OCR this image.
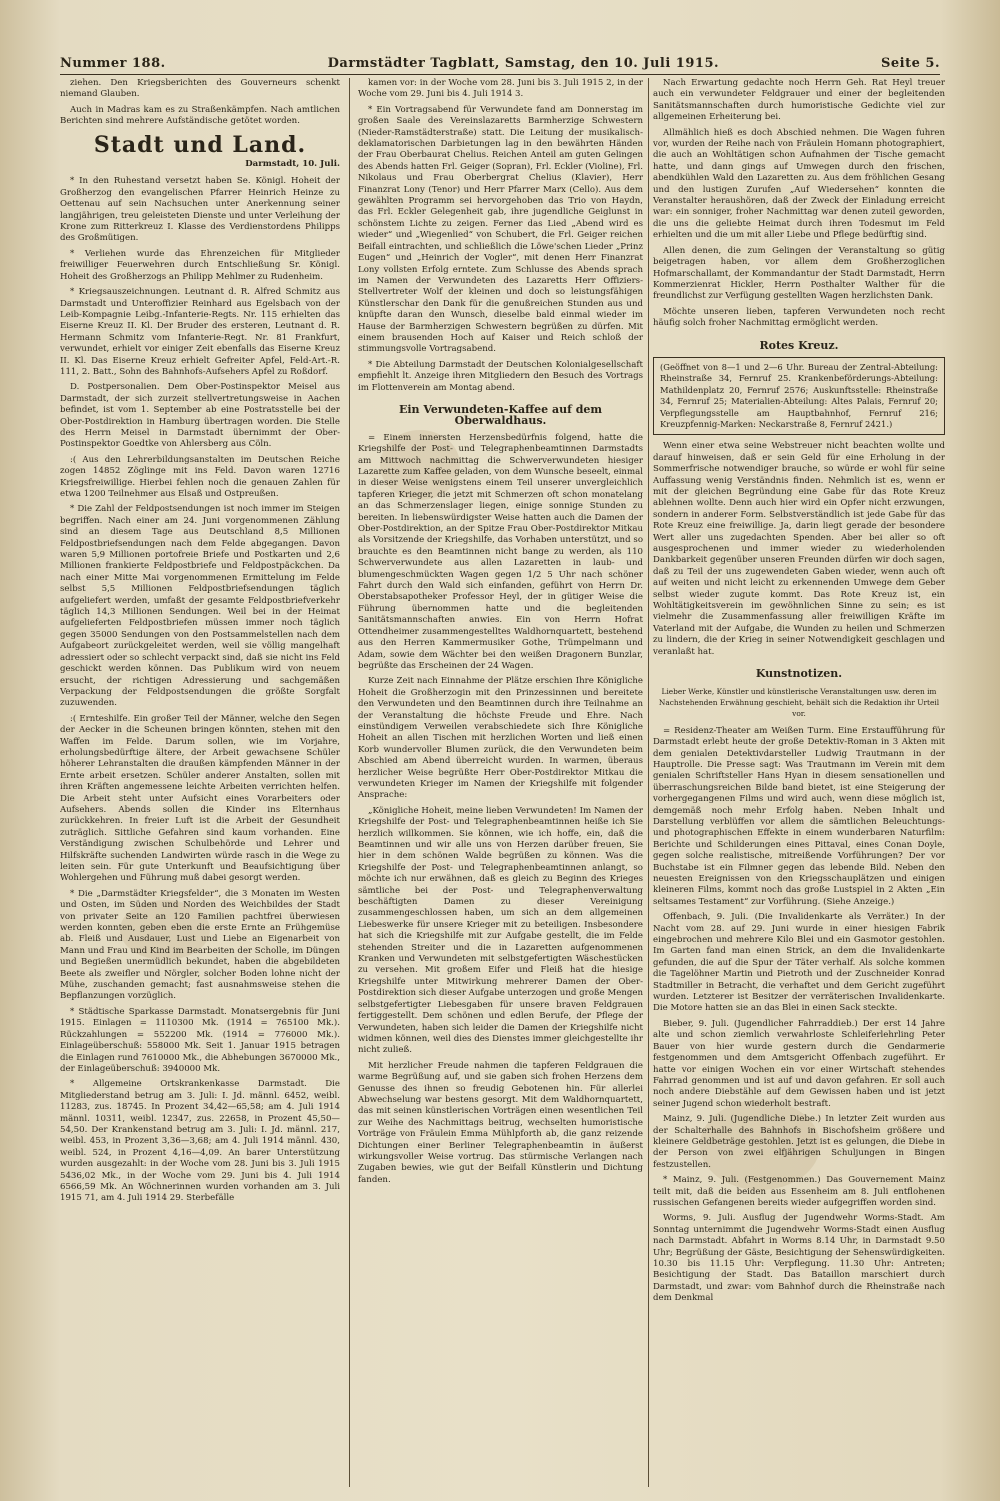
Nummer 188.	Darmstädter Tagblatt, Samstag, den 10. Juli 1915.	Seite 5.

ziehen. Den Kriegsberichten des Gouverneurs schenkt niemand Glauben.

Auch in Madras kam es zu Straßenkämpfen. Nach amtlichen Berichten sind mehrere Aufständische getötet worden.

Stadt und Land.
Darmstadt, 10. Juli.

* In den Ruhestand versetzt haben Se. Königl. Hoheit der Großherzog den evangelischen Pfarrer Heinrich Heinze zu Oettenau auf sein Nachsuchen unter Anerkennung seiner langjährigen, treu geleisteten Dienste und unter Verleihung der Krone zum Ritterkreuz I. Klasse des Verdienstordens Philipps des Großmütigen.

* Verliehen wurde das Ehrenzeichen für Mitglieder freiwilliger Feuerwehren durch Entschließung Sr. Königl. Hoheit des Großherzogs an Philipp Mehlmer zu Rudenheim.

* Kriegsauszeichnungen. Leutnant d. R. Alfred Schmitz aus Darmstadt und Unteroffizier Reinhard aus Egelsbach von der Leib-Kompagnie Leibg.-Infanterie-Regts. Nr. 115 erhielten das Eiserne Kreuz II. Kl. Der Bruder des ersteren, Leutnant d. R. Hermann Schmitz vom Infanterie-Regt. Nr. 81 Frankfurt, verwundet, erhielt vor einiger Zeit ebenfalls das Eiserne Kreuz II. Kl. Das Eiserne Kreuz erhielt Gefreiter Apfel, Feld-Art.-R. 111, 2. Batt., Sohn des Bahnhofs-Aufsehers Apfel zu Roßdorf.

D. Postpersonalien. Dem Ober-Postinspektor Meisel aus Darmstadt, der sich zurzeit stellvertretungsweise in Aachen befindet, ist vom 1. September ab eine Postratsstelle bei der Ober-Postdirektion in Hamburg übertragen worden. Die Stelle des Herrn Meisel in Darmstadt übernimmt der Ober-Postinspektor Goedtke von Ahlersberg aus Cöln.

:( Aus den Lehrerbildungsanstalten im Deutschen Reiche zogen 14852 Zöglinge mit ins Feld. Davon waren 12716 Kriegsfreiwillige. Hierbei fehlen noch die genauen Zahlen für etwa 1200 Teilnehmer aus Elsaß und Ostpreußen.

* Die Zahl der Feldpostsendungen ist noch immer im Steigen begriffen. Nach einer am 24. Juni vorgenommenen Zählung sind an diesem Tage aus Deutschland 8,5 Millionen Feldpostbriefsendungen nach dem Felde abgegangen. Davon waren 5,9 Millionen portofreie Briefe und Postkarten und 2,6 Millionen frankierte Feldpostbriefe und Feldpostpäckchen. Da nach einer Mitte Mai vorgenommenen Ermittelung im Felde selbst 5,5 Millionen Feldpostbriefsendungen täglich aufgeliefert werden, umfaßt der gesamte Feldpostbriefverkehr täglich 14,3 Millionen Sendungen. Weil bei in der Heimat aufgelieferten Feldpostbriefen müssen immer noch täglich gegen 35000 Sendungen von den Postsammelstellen nach dem Aufgabeort zurückgeleitet werden, weil sie völlig mangelhaft adressiert oder so schlecht verpackt sind, daß sie nicht ins Feld geschickt werden können. Das Publikum wird von neuem ersucht, der richtigen Adressierung und sachgemäßen Verpackung der Feldpostsendungen die größte Sorgfalt zuzuwenden.

:( Ernteshilfe. Ein großer Teil der Männer, welche den Segen der Aecker in die Scheunen bringen könnten, stehen mit den Waffen im Felde. Darum sollen, wie im Vorjahre, erholungsbedürftige ältere, der Arbeit gewachsene Schüler höherer Lehranstalten die draußen kämpfenden Männer in der Ernte arbeit ersetzen. Schüler anderer Anstalten, sollen mit ihren Kräften angemessene leichte Arbeiten verrichten helfen. Die Arbeit steht unter Aufsicht eines Vorarbeiters oder Aufsehers. Abends sollen die Kinder ins Elternhaus zurückkehren. In freier Luft ist die Arbeit der Gesundheit zuträglich. Sittliche Gefahren sind kaum vorhanden. Eine Verständigung zwischen Schulbehörde und Lehrer und Hilfskräfte suchenden Landwirten würde rasch in die Wege zu leiten sein. Für gute Unterkunft und Beaufsichtigung über Wohlergehen und Führung muß dabei gesorgt werden.

* Die „Darmstädter Kriegsfelder“, die 3 Monaten im Westen und Osten, im Süden und Norden des Weichbildes der Stadt von privater Seite an 120 Familien pachtfrei überwiesen werden konnten, geben eben die erste Ernte an Frühgemüse ab. Fleiß und Ausdauer, Lust und Liebe an Eigenarbeit von Mann und Frau und Kind im Bearbeiten der Scholle, im Düngen und Begießen unermüdlich bekundet, haben die abgebildeten Beete als zweifler und Nörgler, solcher Boden lohne nicht der Mühe, zuschanden gemacht; fast ausnahmsweise stehen die Bepflanzungen vorzüglich.

* Städtische Sparkasse Darmstadt. Monatsergebnis für Juni 1915. Einlagen = 1110300 Mk. (1914 = 765100 Mk.). Rückzahlungen = 552200 Mk. (1914 = 776000 Mk.). Einlageüberschuß: 558000 Mk. Seit 1. Januar 1915 betragen die Einlagen rund 7610000 Mk., die Abhebungen 3670000 Mk., der Einlageüberschuß: 3940000 Mk.

* Allgemeine Ortskrankenkasse Darmstadt. Die Mitgliederstand betrug am 3. Juli: I. Jd. männl. 6452, weibl. 11283, zus. 18745. In Prozent 34,42—65,58; am 4. Juli 1914 männl. 10311, weibl. 12347, zus. 22658, in Prozent 45,50—54,50. Der Krankenstand betrug am 3. Juli: I. Jd. männl. 217, weibl. 453, in Prozent 3,36—3,68; am 4. Juli 1914 männl. 430, weibl. 524, in Prozent 4,16—4,09. An barer Unterstützung wurden ausgezahlt: in der Woche vom 28. Juni bis 3. Juli 1915 5436,02 Mk., in der Woche vom 29. Juni bis 4. Juli 1914 6566,59 Mk. An Wöchnerinnen wurden vorhanden am 3. Juli 1915 71, am 4. Juli 1914 29. Sterbefälle

kamen vor: in der Woche vom 28. Juni bis 3. Juli 1915 2, in der Woche vom 29. Juni bis 4. Juli 1914 3.

* Ein Vortragsabend für Verwundete fand am Donnerstag im großen Saale des Vereinslazaretts Barmherzige Schwestern (Nieder-Ramstädterstraße) statt. Die Leitung der musikalisch-deklamatorischen Darbietungen lag in den bewährten Händen der Frau Oberbaurat Chelius. Reichen Anteil am guten Gelingen des Abends hatten Frl. Geiger (Sopran), Frl. Eckler (Violine), Frl. Nikolaus und Frau Oberbergrat Chelius (Klavier), Herr Finanzrat Lony (Tenor) und Herr Pfarrer Marx (Cello). Aus dem gewählten Programm sei hervorgehoben das Trio von Haydn, das Frl. Eckler Gelegenheit gab, ihre jugendliche Geiglunst in schönstem Lichte zu zeigen. Ferner das Lied „Abend wird es wieder“ und „Wiegenlied“ von Schubert, die Frl. Geiger reichen Beifall eintrachten, und schließlich die Löwe'schen Lieder „Prinz Eugen“ und „Heinrich der Vogler“, mit denen Herr Finanzrat Lony vollsten Erfolg erntete. Zum Schlusse des Abends sprach im Namen der Verwundeten des Lazaretts Herr Offiziers-Stellvertreter Wolf der kleinen und doch so leistungsfähigen Künstlerschar den Dank für die genußreichen Stunden aus und knüpfte daran den Wunsch, dieselbe bald einmal wieder im Hause der Barmherzigen Schwestern begrüßen zu dürfen. Mit einem brausenden Hoch auf Kaiser und Reich schloß der stimmungsvolle Vortragsabend.

* Die Abteilung Darmstadt der Deutschen Kolonialgesellschaft empfiehlt lt. Anzeige ihren Mitgliedern den Besuch des Vortrags im Flottenverein am Montag abend.

Ein Verwundeten-Kaffee auf dem Oberwaldhaus.

= Einem innersten Herzensbedürfnis folgend, hatte die Kriegshilfe der Post- und Telegraphenbeamtinnen Darmstadts am Mittwoch nachmittag die Schwerverwundeten hiesiger Lazarette zum Kaffee geladen, von dem Wunsche beseelt, einmal in dieser Weise wenigstens einem Teil unserer unvergleichlich tapferen Krieger, die jetzt mit Schmerzen oft schon monatelang an das Schmerzenslager liegen, einige sonnige Stunden zu bereiten. In liebenswürdigster Weise hatten auch die Damen der Ober-Postdirektion, an der Spitze Frau Ober-Postdirektor Mitkau als Vorsitzende der Kriegshilfe, das Vorhaben unterstützt, und so brauchte es den Beamtinnen nicht bange zu werden, als 110 Schwerverwundete aus allen Lazaretten in laub- und blumengeschmückten Wagen gegen 1/2 5 Uhr nach schöner Fahrt durch den Wald sich einfanden, geführt von Herrn Dr. Oberstabsapotheker Professor Heyl, der in gütiger Weise die Führung übernommen hatte und die begleitenden Sanitätsmannschaften anwies. Ein von Herrn Hofrat Ottendheimer zusammengestelltes Waldhornquartett, bestehend aus den Herren Kammermusiker Gothe, Trümpelmann und Adam, sowie dem Wächter bei den weißen Dragonern Bunzlar, begrüßte das Erscheinen der 24 Wagen.

Kurze Zeit nach Einnahme der Plätze erschien Ihre Königliche Hoheit die Großherzogin mit den Prinzessinnen und bereitete den Verwundeten und den Beamtinnen durch ihre Teilnahme an der Veranstaltung die höchste Freude und Ehre. Nach einstündigem Verweilen verabschiedete sich Ihre Königliche Hoheit an allen Tischen mit herzlichen Worten und ließ einen Korb wundervoller Blumen zurück, die den Verwundeten beim Abschied am Abend überreicht wurden. In warmen, überaus herzlicher Weise begrüßte Herr Ober-Postdirektor Mitkau die verwundeten Krieger im Namen der Kriegshilfe mit folgender Ansprache:

„Königliche Hoheit, meine lieben Verwundeten! Im Namen der Kriegshilfe der Post- und Telegraphenbeamtinnen heiße ich Sie herzlich willkommen. Sie können, wie ich hoffe, ein, daß die Beamtinnen und wir alle uns von Herzen darüber freuen, Sie hier in dem schönen Walde begrüßen zu können. Was die Kriegshilfe der Post- und Telegraphenbeamtinnen anlangt, so möchte ich nur erwähnen, daß es gleich zu Beginn des Krieges sämtliche bei der Post- und Telegraphenverwaltung beschäftigten Damen zu dieser Vereinigung zusammengeschlossen haben, um sich an dem allgemeinen Liebeswerke für unsere Krieger mit zu beteiligen. Insbesondere hat sich die Kriegshilfe mit zur Aufgabe gestellt, die im Felde stehenden Streiter und die in Lazaretten aufgenommenen Kranken und Verwundeten mit selbstgefertigten Wäschestücken zu versehen. Mit großem Eifer und Fleiß hat die hiesige Kriegshilfe unter Mitwirkung mehrerer Damen der Ober-Postdirektion sich dieser Aufgabe unterzogen und große Mengen selbstgefertigter Liebesgaben für unsere braven Feldgrauen fertiggestellt. Dem schönen und edlen Berufe, der Pflege der Verwundeten, haben sich leider die Damen der Kriegshilfe nicht widmen können, weil dies des Dienstes immer gleichgestellte ihr nicht zuließ.

Mit herzlicher Freude nahmen die tapferen Feldgrauen die warme Begrüßung auf, und sie gaben sich frohen Herzens dem Genusse des ihnen so freudig Gebotenen hin. Für allerlei Abwechselung war bestens gesorgt. Mit dem Waldhornquartett, das mit seinen künstlerischen Vorträgen einen wesentlichen Teil zur Weihe des Nachmittags beitrug, wechselten humoristische Vorträge von Fräulein Emma Mühlpforth ab, die ganz reizende Dichtungen einer Berliner Telegraphenbeamtin in äußerst wirkungsvoller Weise vortrug. Das stürmische Verlangen nach Zugaben bewies, wie gut der Beifall Künstlerin und Dichtung fanden.

Nach Erwartung gedachte noch Herrn Geh. Rat Heyl treuer auch ein verwundeter Feldgrauer und einer der begleitenden Sanitätsmannschaften durch humoristische Gedichte viel zur allgemeinen Erheiterung bei.

Allmählich hieß es doch Abschied nehmen. Die Wagen fuhren vor, wurden der Reihe nach von Fräulein Homann photographiert, die auch an Wohltätigen schon Aufnahmen der Tische gemacht hatte, und dann gings auf Umwegen durch den frischen, abendkühlen Wald den Lazaretten zu. Aus dem fröhlichen Gesang und den lustigen Zurufen „Auf Wiedersehen“ konnten die Veranstalter heraushören, daß der Zweck der Einladung erreicht war: ein sonniger, froher Nachmittag war denen zuteil geworden, die uns die geliebte Heimat durch ihren Todesmut im Feld erhielten und die um mit aller Liebe und Pflege bedürftig sind.

Allen denen, die zum Gelingen der Veranstaltung so gütig beigetragen haben, vor allem dem Großherzoglichen Hofmarschallamt, der Kommandantur der Stadt Darmstadt, Herrn Kommerzienrat Hickler, Herrn Posthalter Walther für die freundlichst zur Verfügung gestellten Wagen herzlichsten Dank.

Möchte unseren lieben, tapferen Verwundeten noch recht häufig solch froher Nachmittag ermöglicht werden.

Rotes Kreuz.
(Geöffnet von 8—1 und 2—6 Uhr. Bureau der Zentral-Abteilung: Rheinstraße 34, Fernruf 25. Krankenbeförderungs-Abteilung: Mathildenplatz 20, Fernruf 2576; Auskunftsstelle: Rheinstraße 34, Fernruf 25; Materialien-Abteilung: Altes Palais, Fernruf 20; Verpflegungsstelle am Hauptbahnhof, Fernruf 216; Kreuzpfennig-Marken: Neckarstraße 8, Fernruf 2421.)

Wenn einer etwa seine Webstreuer nicht beachten wollte und darauf hinweisen, daß er sein Geld für eine Erholung in der Sommerfrische notwendiger brauche, so würde er wohl für seine Auffassung wenig Verständnis finden. Nehmlich ist es, wenn er mit der gleichen Begründung eine Gabe für das Rote Kreuz ablehnen wollte. Denn auch hier wird ein Opfer nicht erzwungen, sondern in anderer Form. Selbstverständlich ist jede Gabe für das Rote Kreuz eine freiwillige. Ja, darin liegt gerade der besondere Wert aller uns zugedachten Spenden. Aber bei aller so oft ausgesprochenen und immer wieder zu wiederholenden Dankbarkeit gegenüber unseren Freunden dürfen wir doch sagen, daß zu Teil der uns zugewendeten Gaben wieder, wenn auch oft auf weiten und nicht leicht zu erkennenden Umwege dem Geber selbst wieder zugute kommt. Das Rote Kreuz ist, ein Wohltätigkeitsverein im gewöhnlichen Sinne zu sein; es ist vielmehr die Zusammenfassung aller freiwilligen Kräfte im Vaterland mit der Aufgabe, die Wunden zu heilen und Schmerzen zu lindern, die der Krieg in seiner Notwendigkeit geschlagen und veranlaßt hat.

Kunstnotizen.
Lieber Werke, Künstler und künstlerische Veranstaltungen usw. deren im Nachstehenden Erwähnung geschieht, behält sich die Redaktion ihr Urteil vor.

= Residenz-Theater am Weißen Turm. Eine Erstaufführung für Darmstadt erlebt heute der große Detektiv-Roman in 3 Akten mit dem genialen Detektivdarsteller Ludwig Trautmann in der Hauptrolle. Die Presse sagt: Was Trautmann im Verein mit dem genialen Schriftsteller Hans Hyan in diesem sensationellen und überraschungsreichen Bilde band bietet, ist eine Steigerung der vorhergegangenen Films und wird auch, wenn diese möglich ist, demgemäß noch mehr Erfolg haben. Neben Inhalt und Darstellung verblüffen vor allem die sämtlichen Beleuchtungs- und photographischen Effekte in einem wunderbaren Naturfilm: Berichte und Schilderungen eines Pittaval, eines Conan Doyle, gegen solche realistische, mitreißende Vorführungen? Der vor Buchstabe ist ein Filmner gegen das lebende Bild. Neben den neuesten Ereignissen von den Kriegsschauplätzen und einigen kleineren Films, kommt noch das große Lustspiel in 2 Akten „Ein seltsames Testament“ zur Vorführung. (Siehe Anzeige.)

Offenbach, 9. Juli. (Die Invalidenkarte als Verräter.) In der Nacht vom 28. auf 29. Juni wurde in einer hiesigen Fabrik eingebrochen und mehrere Kilo Blei und ein Gasmotor gestohlen. Im Garten fand man einen Strick, an dem die Invalidenkarte gefunden, die auf die Spur der Täter verhalf. Als solche kommen die Tagelöhner Martin und Pietroth und der Zuschneider Konrad Stadtmiller in Betracht, die verhaftet und dem Gericht zugeführt wurden. Letzterer ist Besitzer der verräterischen Invalidenkarte. Die Motore hatten sie an das Blei in einen Sack steckte.

Bieber, 9. Juli. (Jugendlicher Fahrraddieb.) Der erst 14 Jahre alte und schon ziemlich verwahrloste Schleiferlehrling Peter Bauer von hier wurde gestern durch die Gendarmerie festgenommen und dem Amtsgericht Offenbach zugeführt. Er hatte vor einigen Wochen ein vor einer Wirtschaft stehendes Fahrrad genommen und ist auf und davon gefahren. Er soll auch noch andere Diebstähle auf dem Gewissen haben und ist jetzt seiner Jugend schon wiederholt bestraft.

Mainz, 9. Juli. (Jugendliche Diebe.) In letzter Zeit wurden aus der Schalterhalle des Bahnhofs in Bischofsheim größere und kleinere Geldbeträge gestohlen. Jetzt ist es gelungen, die Diebe in der Person von zwei elfjährigen Schuljungen in Bingen festzustellen.

* Mainz, 9. Juli. (Festgenommen.) Das Gouvernement Mainz teilt mit, daß die beiden aus Essenheim am 8. Juli entflohenen russischen Gefangenen bereits wieder aufgegriffen worden sind.

Worms, 9. Juli. Ausflug der Jugendwehr Worms-Stadt. Am Sonntag unternimmt die Jugendwehr Worms-Stadt einen Ausflug nach Darmstadt. Abfahrt in Worms 8.14 Uhr, in Darmstadt 9.50 Uhr; Begrüßung der Gäste, Besichtigung der Sehenswürdigkeiten. 10.30 bis 11.15 Uhr: Verpflegung. 11.30 Uhr: Antreten; Besichtigung der Stadt. Das Bataillon marschiert durch Darmstadt, und zwar: vom Bahnhof durch die Rheinstraße nach dem Denkmal
